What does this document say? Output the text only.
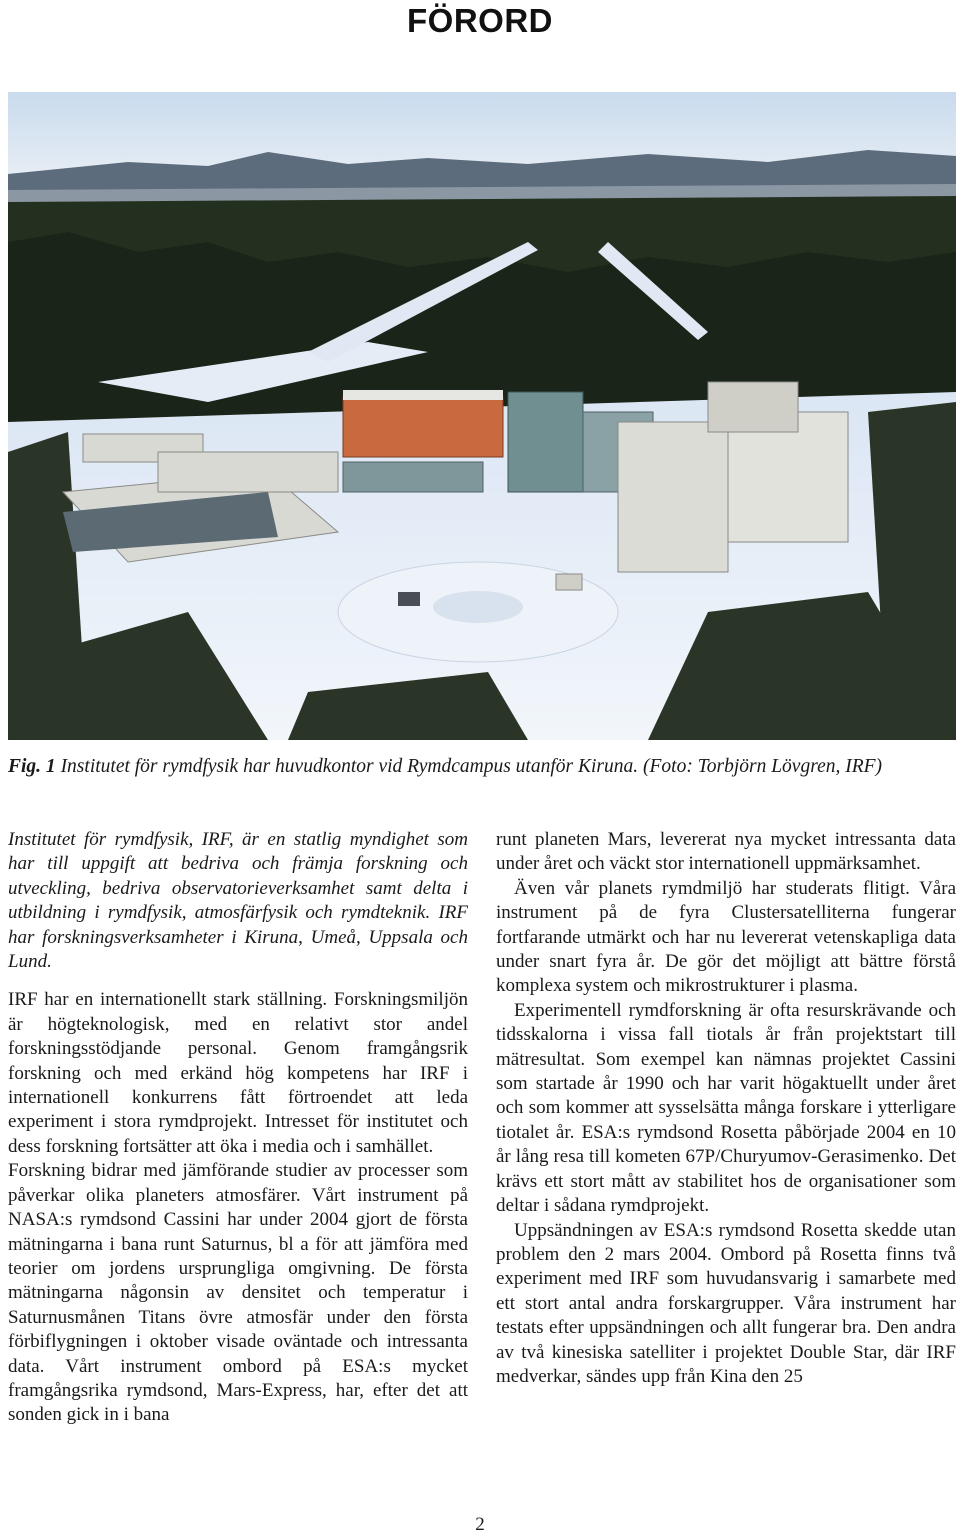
FÖRORD

Fig. 1 Institutet för rymdfysik har huvudkontor vid Rymdcampus utanför Kiruna. (Foto: Torbjörn Lövgren, IRF)

Institutet för rymdfysik, IRF, är en statlig myndighet som har till uppgift att bedriva och främja forskning och utveckling, bedriva observatorieverksamhet samt delta i utbildning i rymdfysik, atmosfärfysik och rymdteknik. IRF har forskningsverksamheter i Kiruna, Umeå, Uppsala och Lund.

IRF har en internationellt stark ställning. Forskningsmiljön är högteknologisk, med en relativt stor andel forskningsstödjande personal. Genom framgångsrik forskning och med erkänd hög kompetens har IRF i internationell konkurrens fått förtroendet att leda experiment i stora rymdprojekt. Intresset för institutet och dess forskning fortsätter att öka i media och i samhället.

Forskning bidrar med jämförande studier av processer som påverkar olika planeters atmosfärer. Vårt instrument på NASA:s rymdsond Cassini har under 2004 gjort de första mätningarna i bana runt Saturnus, bl a för att jämföra med teorier om jordens ursprungliga omgivning. De första mätningarna någonsin av densitet och temperatur i Saturnusmånen Titans övre atmosfär under den första förbiflygningen i oktober visade oväntade och intressanta data. Vårt instrument ombord på ESA:s mycket framgångsrika rymdsond, Mars-Express, har, efter det att sonden gick in i bana

runt planeten Mars, levererat nya mycket intressanta data under året och väckt stor internationell uppmärksamhet.

Även vår planets rymdmiljö har studerats flitigt. Våra instrument på de fyra Clustersatelliterna fungerar fortfarande utmärkt och har nu levererat vetenskapliga data under snart fyra år. De gör det möjligt att bättre förstå komplexa system och mikrostrukturer i plasma.

Experimentell rymdforskning är ofta resurskrävande och tidsskalorna i vissa fall tiotals år från projektstart till mätresultat. Som exempel kan nämnas projektet Cassini som startade år 1990 och har varit högaktuellt under året och som kommer att sysselsätta många forskare i ytterligare tiotalet år. ESA:s rymdsond Rosetta påbörjade 2004 en 10 år lång resa till kometen 67P/Churyumov-Gerasimenko. Det krävs ett stort mått av stabilitet hos de organisationer som deltar i sådana rymdprojekt.

Uppsändningen av ESA:s rymdsond Rosetta skedde utan problem den 2 mars 2004. Ombord på Rosetta finns två experiment med IRF som huvudansvarig i samarbete med ett stort antal andra forskargrupper. Våra instrument har testats efter uppsändningen och allt fungerar bra. Den andra av två kinesiska satelliter i projektet Double Star, där IRF medverkar, sändes upp från Kina den 25

2
